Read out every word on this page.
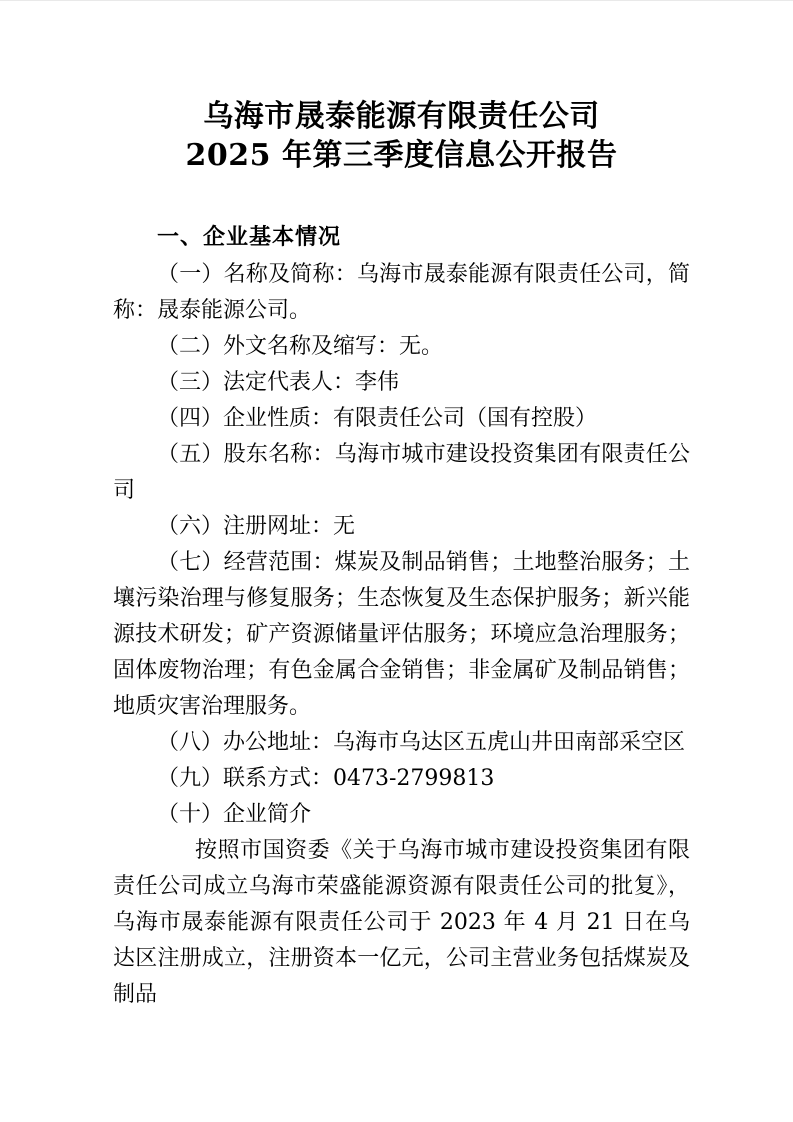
乌海市晟泰能源有限责任公司
2025 年第三季度信息公开报告
一、企业基本情况

（一）名称及简称：乌海市晟泰能源有限责任公司，简称：晟泰能源公司。

（二）外文名称及缩写：无。

（三）法定代表人：李伟

（四）企业性质：有限责任公司（国有控股）

（五）股东名称：乌海市城市建设投资集团有限责任公司

（六）注册网址：无

（七）经营范围：煤炭及制品销售；土地整治服务；土壤污染治理与修复服务；生态恢复及生态保护服务；新兴能源技术研发；矿产资源储量评估服务；环境应急治理服务；固体废物治理；有色金属合金销售；非金属矿及制品销售；地质灾害治理服务。

（八）办公地址：乌海市乌达区五虎山井田南部采空区

（九）联系方式：0473-2799813

（十）企业简介

按照市国资委《关于乌海市城市建设投资集团有限责任公司成立乌海市荣盛能源资源有限责任公司的批复》，乌海市晟泰能源有限责任公司于 2023 年 4 月 21 日在乌达区注册成立，注册资本一亿元，公司主营业务包括煤炭及制品
